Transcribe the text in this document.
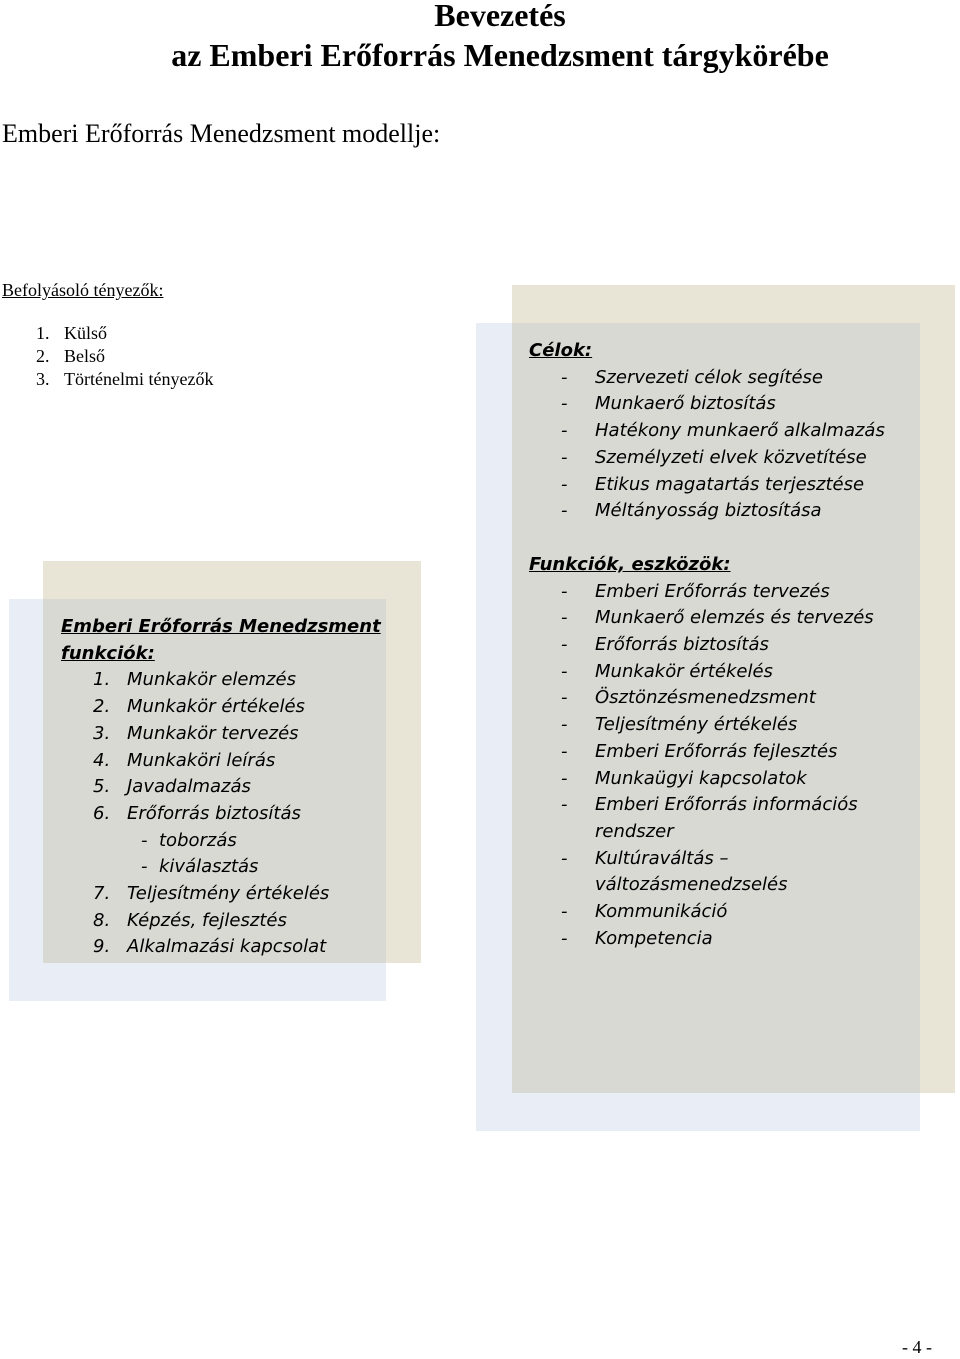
Bevezetés
az Emberi Erőforrás Menedzsment tárgykörébe
Emberi Erőforrás Menedzsment modellje:
Befolyásoló tényezők:
1. Külső
2. Belső
3. Történelmi tényezők
Emberi Erőforrás Menedzsment
funkciók:
1. Munkakör elemzés
2. Munkakör értékelés
3. Munkakör tervezés
4. Munkaköri leírás
5. Javadalmazás
6. Erőforrás biztosítás
- toborzás
- kiválasztás
7. Teljesítmény értékelés
8. Képzés, fejlesztés
9. Alkalmazási kapcsolat
Célok:
- Szervezeti célok segítése
- Munkaerő biztosítás
- Hatékony munkaerő alkalmazás
- Személyzeti elvek közvetítése
- Etikus magatartás terjesztése
- Méltányosság biztosítása
Funkciók, eszközök:
- Emberi Erőforrás tervezés
- Munkaerő elemzés és tervezés
- Erőforrás biztosítás
- Munkakör értékelés
- Ösztönzésmenedzsment
- Teljesítmény értékelés
- Emberi Erőforrás fejlesztés
- Munkaügyi kapcsolatok
- Emberi Erőforrás információs rendszer
- Kultúraváltás – változásmenedzselés
- Kommunikáció
- Kompetencia
- 4 -
